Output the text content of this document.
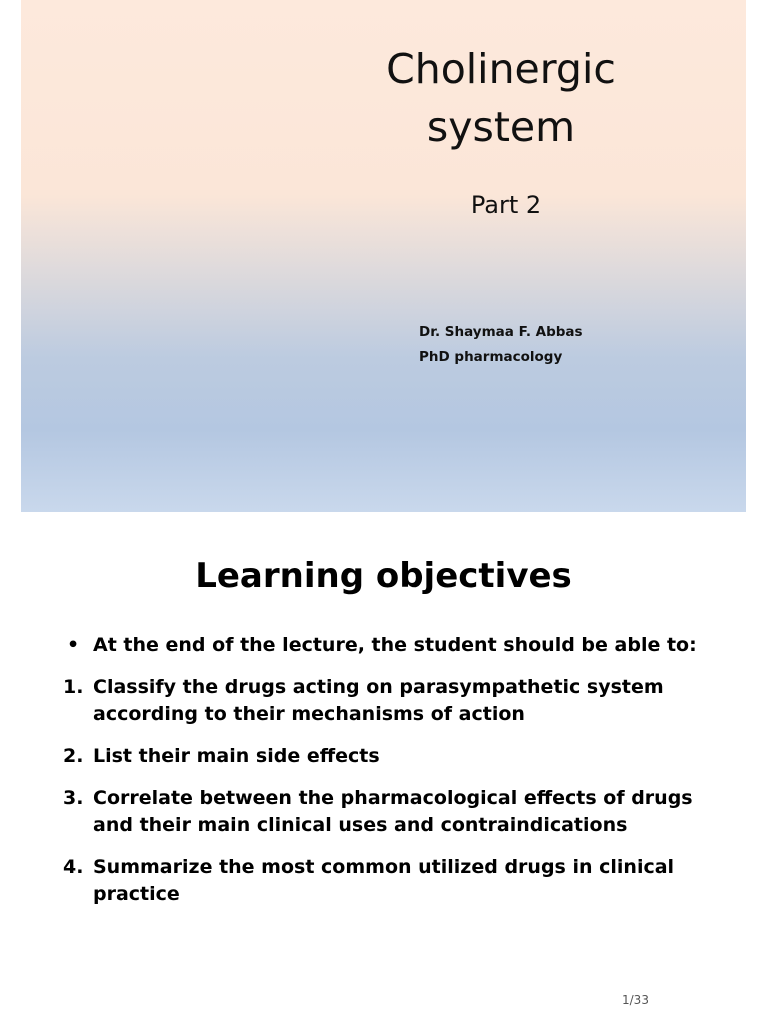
Cholinergic
system
Part 2
Dr. Shaymaa F. Abbas
PhD pharmacology
Learning objectives
• At the end of the lecture, the student should be able to:
1. Classify the drugs acting on parasympathetic system according to their mechanisms of action
2. List their main side effects
3. Correlate between the pharmacological effects of drugs and their main clinical uses and contraindications
4. Summarize the most common utilized drugs in clinical practice
1/33
